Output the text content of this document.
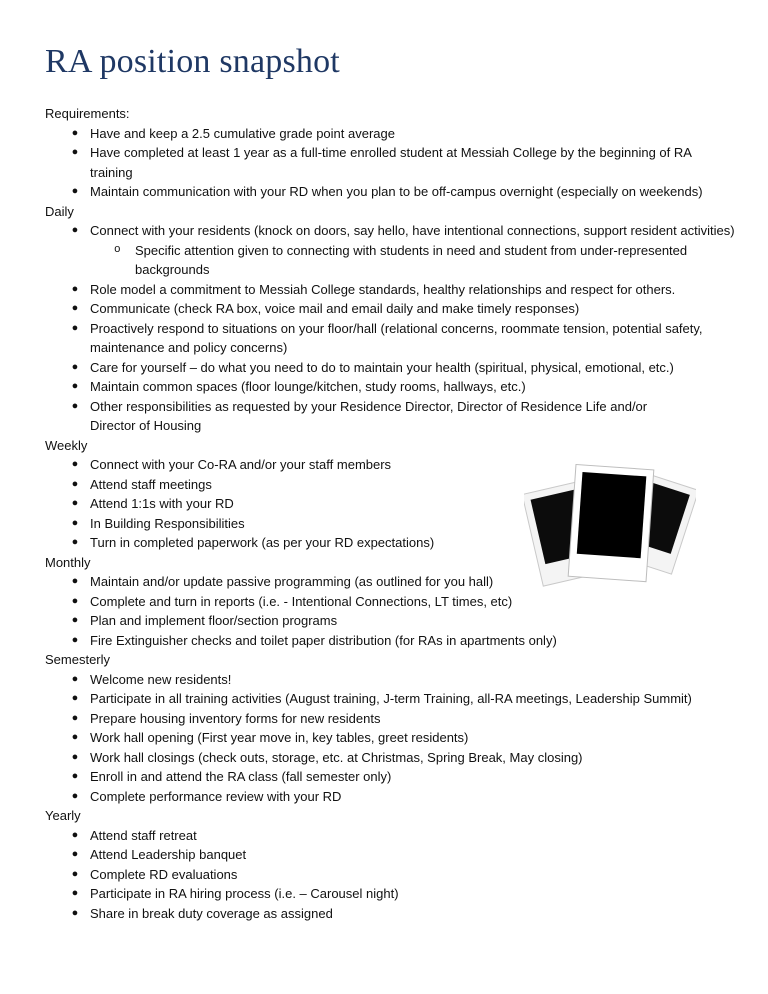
RA position snapshot
Requirements:
● Have and keep a 2.5 cumulative grade point average
● Have completed at least 1 year as a full-time enrolled student at Messiah College by the beginning of RA training
● Maintain communication with your RD when you plan to be off-campus overnight (especially on weekends)
Daily
● Connect with your residents (knock on doors, say hello, have intentional connections, support resident activities)
o Specific attention given to connecting with students in need and student from under-represented backgrounds
● Role model a commitment to Messiah College standards, healthy relationships and respect for others.
● Communicate (check RA box, voice mail and email daily and make timely responses)
● Proactively respond to situations on your floor/hall (relational concerns, roommate tension, potential safety, maintenance and policy concerns)
● Care for yourself – do what you need to do to maintain your health (spiritual, physical, emotional, etc.)
● Maintain common spaces (floor lounge/kitchen, study rooms, hallways, etc.)
● Other responsibilities as requested by your Residence Director, Director of Residence Life and/or Director of Housing
Weekly
● Connect with your Co-RA and/or your staff members
● Attend staff meetings
● Attend 1:1s with your RD
● In Building Responsibilities
● Turn in completed paperwork (as per your RD expectations)
Monthly
● Maintain and/or update passive programming (as outlined for you hall)
● Complete and turn in reports (i.e. - Intentional Connections, LT times, etc)
● Plan and implement floor/section programs
● Fire Extinguisher checks and toilet paper distribution (for RAs in apartments only)
Semesterly
● Welcome new residents!
● Participate in all training activities (August training, J-term Training, all-RA meetings, Leadership Summit)
● Prepare housing inventory forms for new residents
● Work hall opening (First year move in, key tables, greet residents)
● Work hall closings (check outs, storage, etc. at Christmas, Spring Break, May closing)
● Enroll in and attend the RA class (fall semester only)
● Complete performance review with your RD
Yearly
● Attend staff retreat
● Attend Leadership banquet
● Complete RD evaluations
● Participate in RA hiring process (i.e. – Carousel night)
● Share in break duty coverage as assigned
